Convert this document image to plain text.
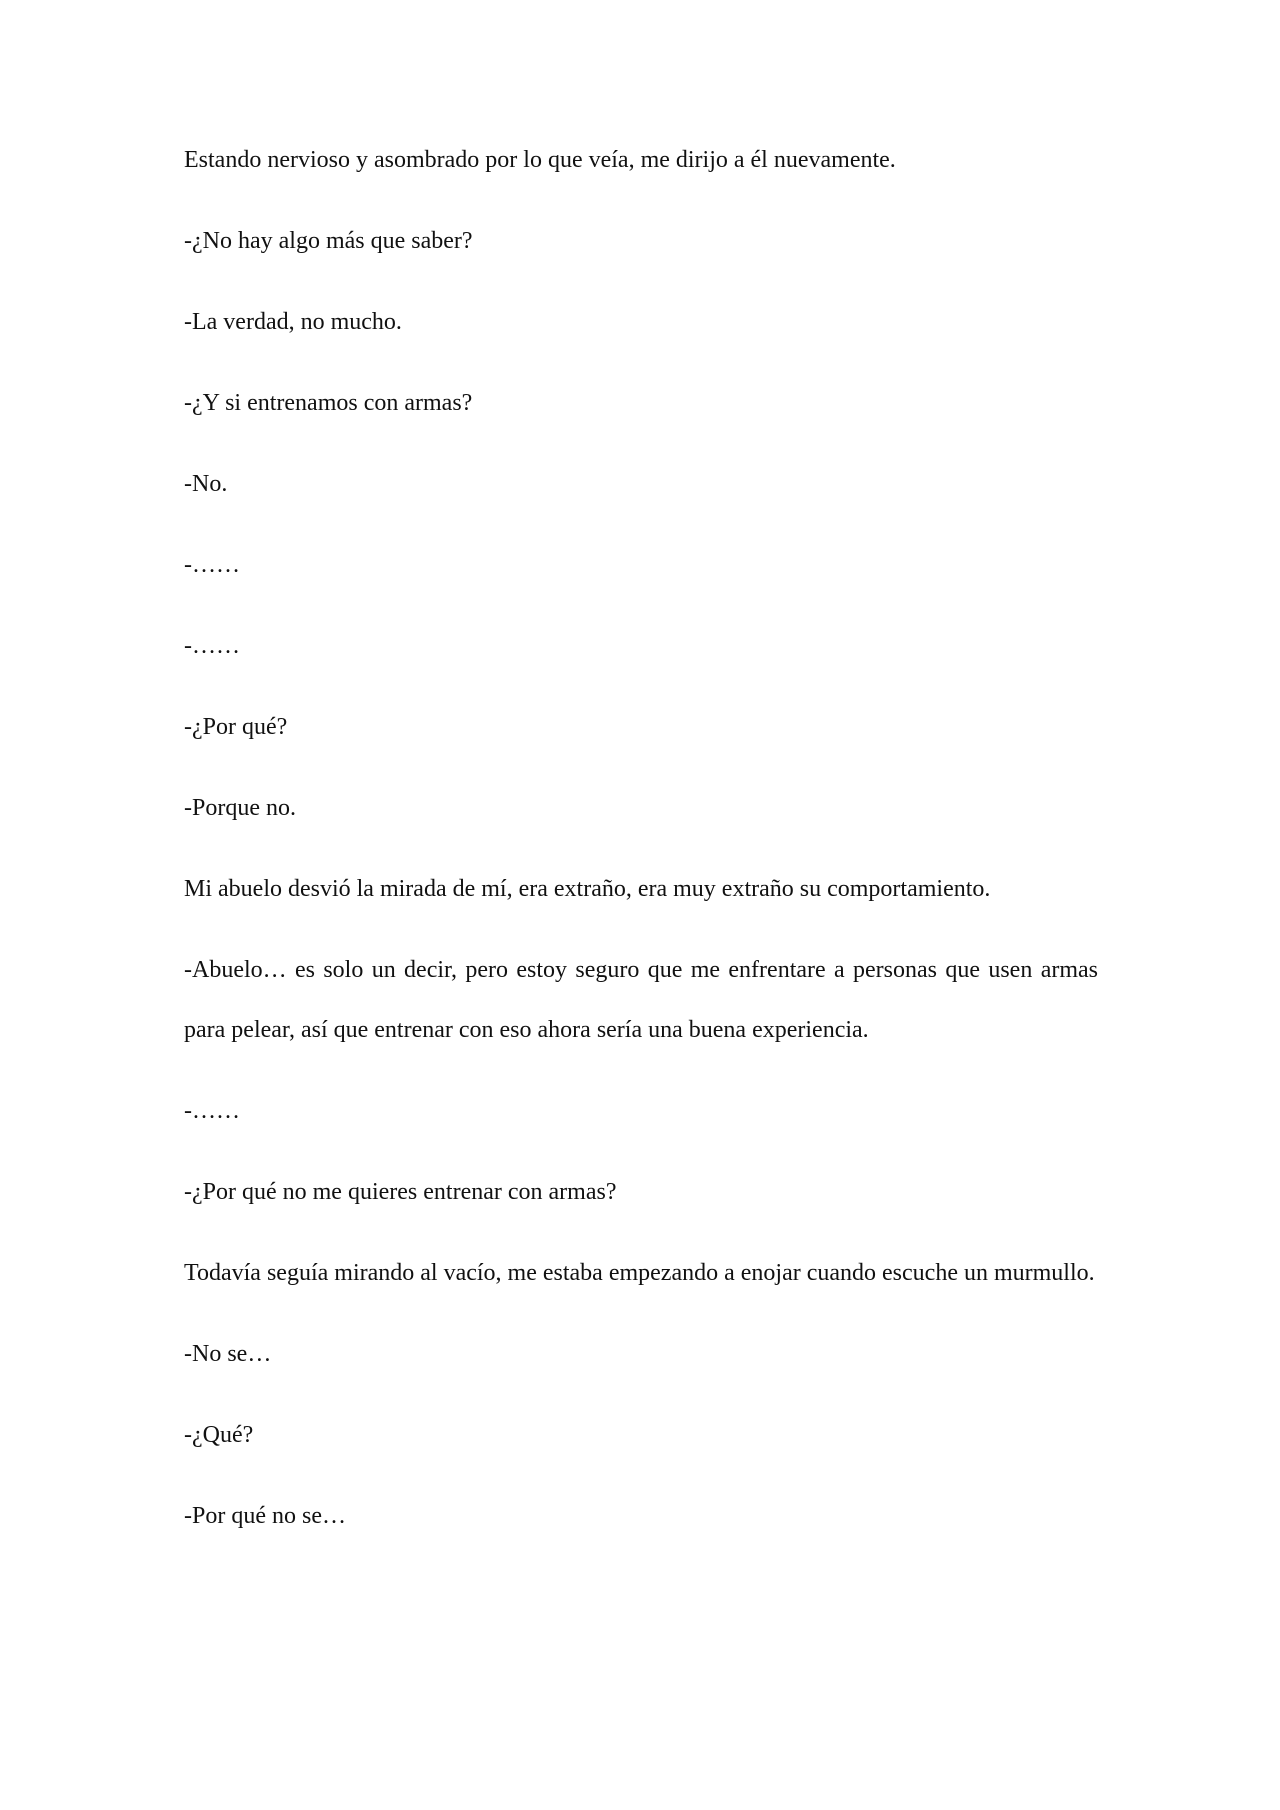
Estando nervioso y asombrado por lo que veía, me dirijo a él nuevamente.

-¿No hay algo más que saber?

-La verdad, no mucho.

-¿Y si entrenamos con armas?

-No.

-……

-……

-¿Por qué?

-Porque no.

Mi abuelo desvió la mirada de mí, era extraño, era muy extraño su comportamiento.

-Abuelo… es solo un decir, pero estoy seguro que me enfrentare a personas que usen armas para pelear, así que entrenar con eso ahora sería una buena experiencia.

-……

-¿Por qué no me quieres entrenar con armas?

Todavía seguía mirando al vacío, me estaba empezando a enojar cuando escuche un murmullo.

-No se…

-¿Qué?

-Por qué no se…
